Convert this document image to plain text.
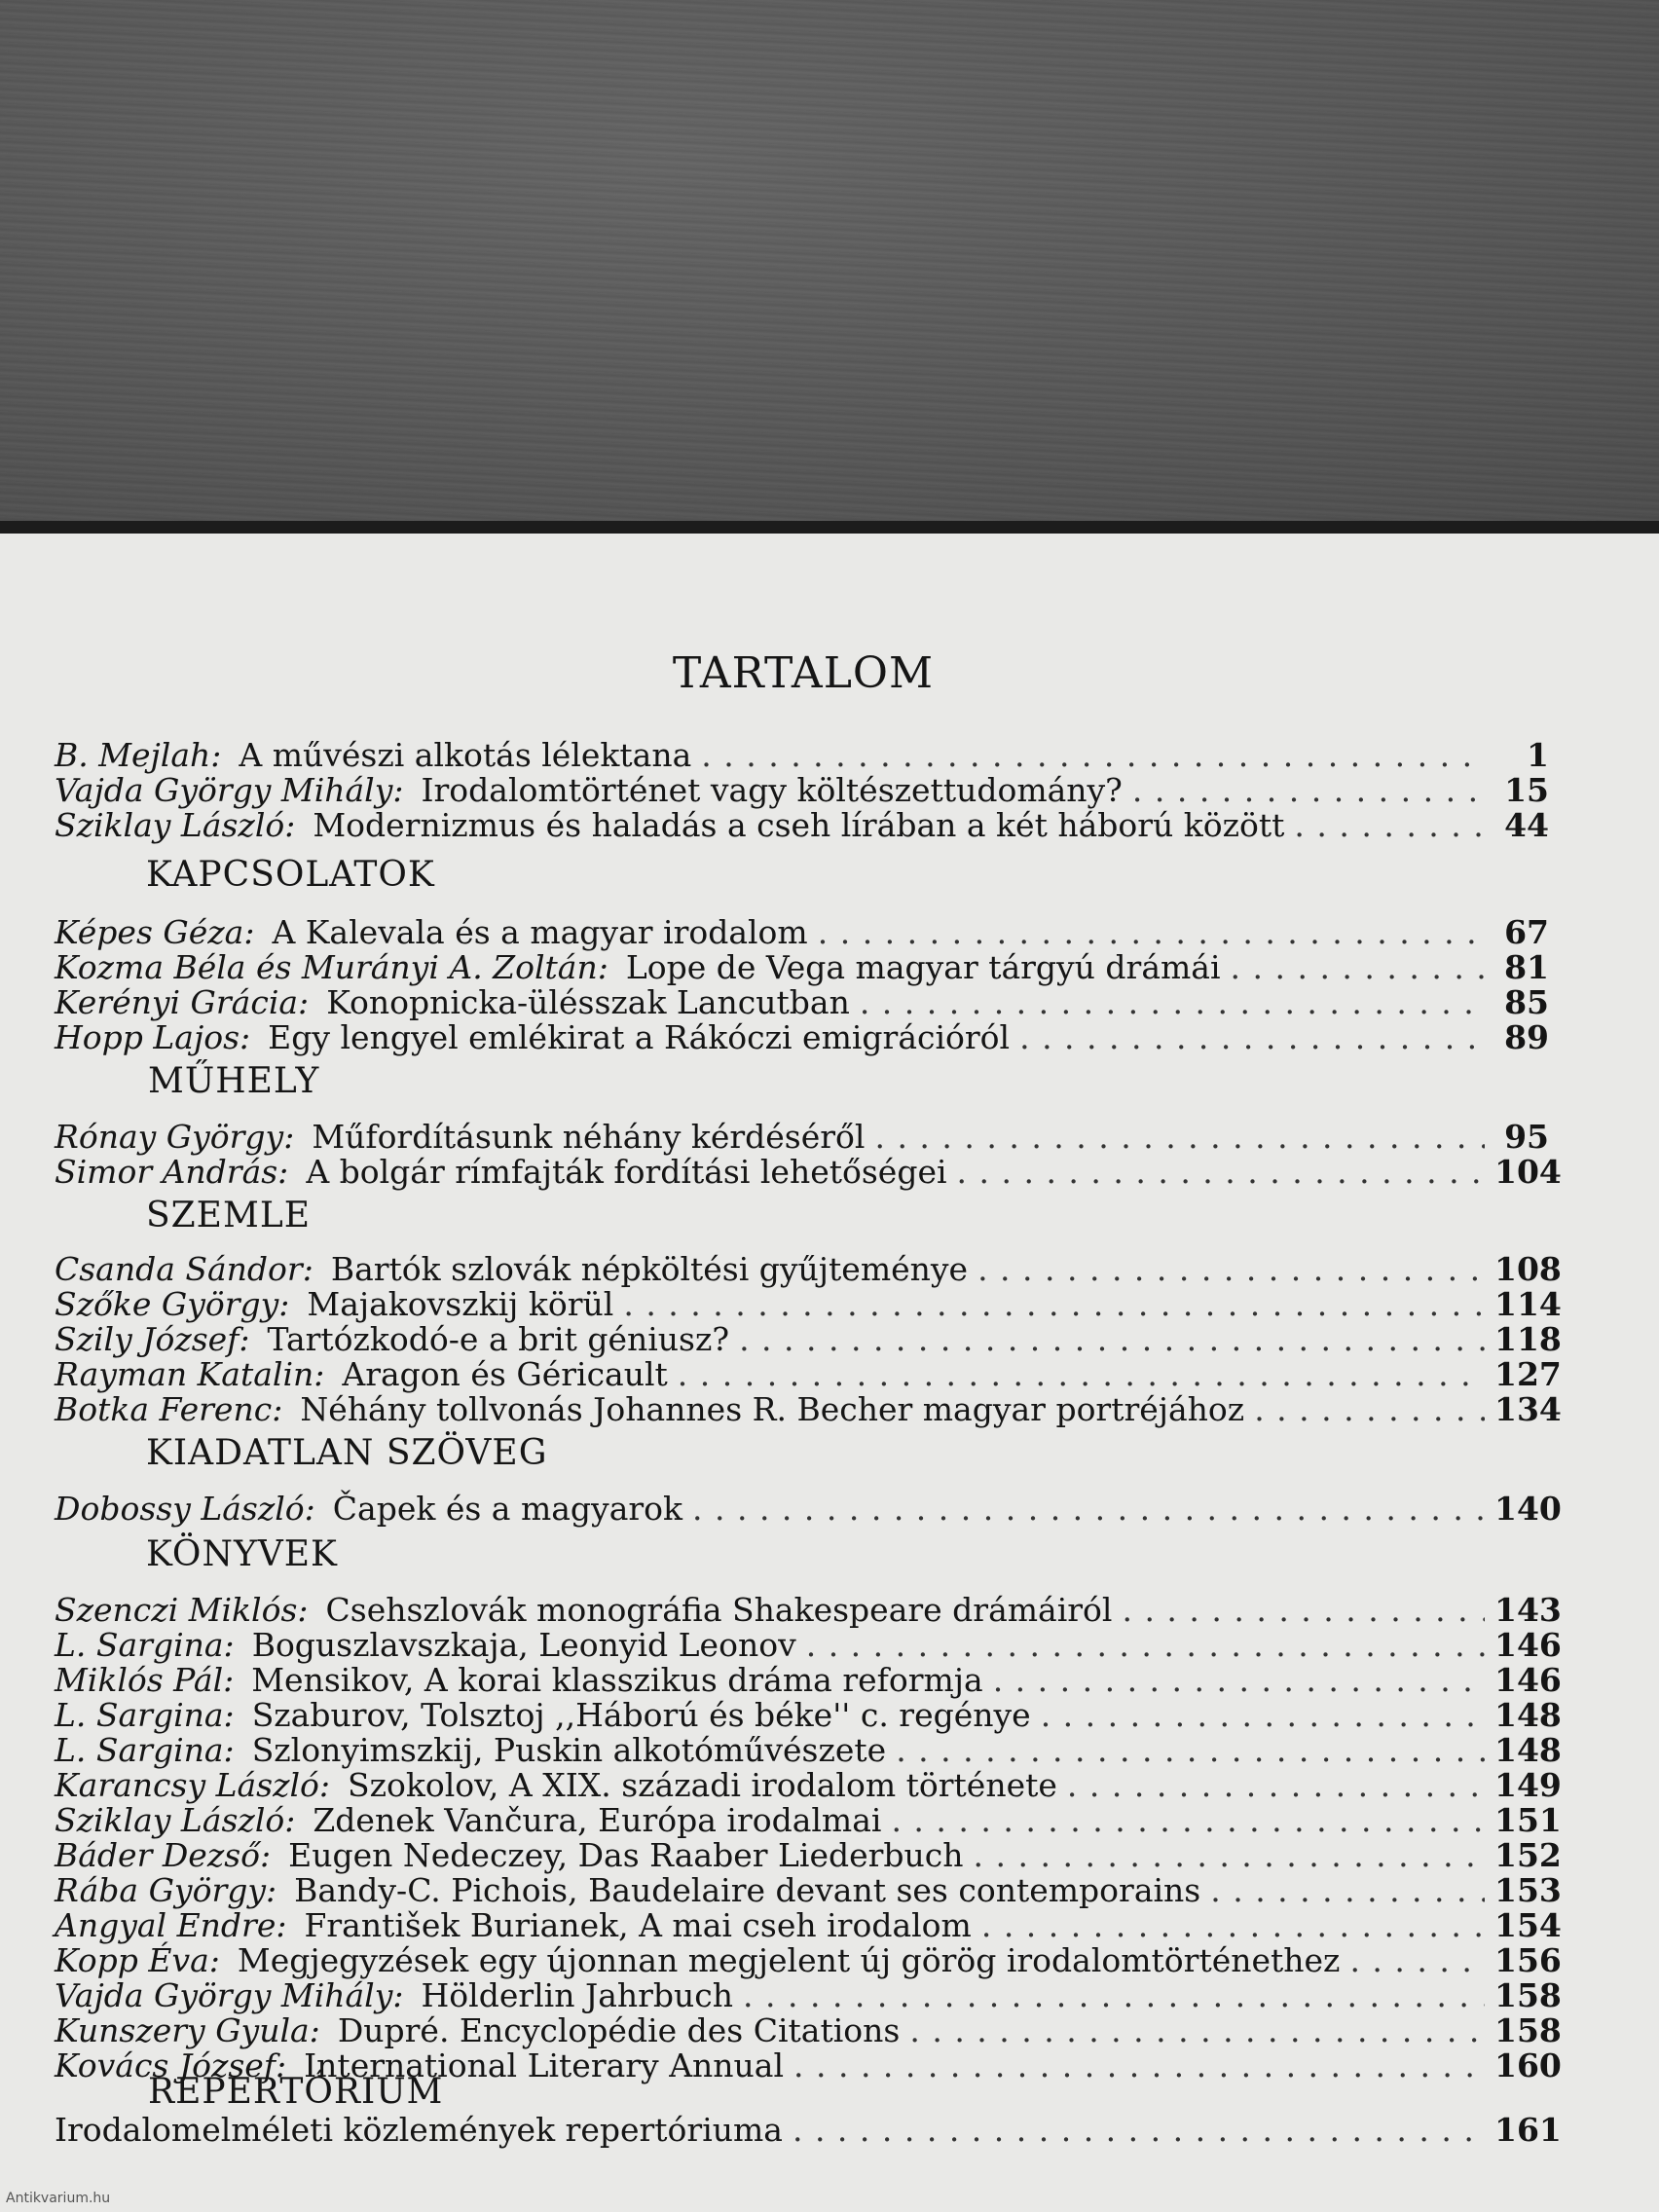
TARTALOM
B. Mejlah: A művészi alkotás lélektana . . .	1
Vajda György Mihály: Irodalomtörténet vagy költészettudomány? . . .	15
Sziklay László: Modernizmus és haladás a cseh lírában a két háború között . . .	44
KAPCSOLATOK
Képes Géza: A Kalevala és a magyar irodalom . . .	67
Kozma Béla és Murányi A. Zoltán: Lope de Vega magyar tárgyú drámái . . .	81
Kerényi Grácia: Konopnicka-ülésszak Lancutban . . .	85
Hopp Lajos: Egy lengyel emlékirat a Rákóczi emigrációról . . .	89
MŰHELY
Rónay György: Műfordításunk néhány kérdéséről . . .	95
Simor András: A bolgár rímfajták fordítási lehetőségei . . .	104
SZEMLE
Csanda Sándor: Bartók szlovák népköltési gyűjteménye . . .	108
Szőke György: Majakovszkij körül . . .	114
Szily József: Tartózkodó-e a brit géniusz? . . .	118
Rayman Katalin: Aragon és Géricault . . .	127
Botka Ferenc: Néhány tollvonás Johannes R. Becher magyar portréjához . . .	134
KIADATLAN SZÖVEG
Dobossy László: Čapek és a magyarok . . .	140
KÖNYVEK
Szenczi Miklós: Csehszlovák monográfia Shakespeare drámáiról . . .	143
L. Sargina: Boguszlavszkaja, Leonyid Leonov . . .	146
Miklós Pál: Mensikov, A korai klasszikus dráma reformja . . .	146
L. Sargina: Szaburov, Tolsztoj ,,Háború és béke'' c. regénye . . .	148
L. Sargina: Szlonyimszkij, Puskin alkotóművészete . . .	148
Karancsy László: Szokolov, A XIX. századi irodalom története . . .	149
Sziklay László: Zdenek Vančura, Európa irodalmai . . .	151
Báder Dezső: Eugen Nedeczey, Das Raaber Liederbuch . . .	152
Rába György: Bandy-C. Pichois, Baudelaire devant ses contemporains . . .	153
Angyal Endre: František Burianek, A mai cseh irodalom . . .	154
Kopp Éva: Megjegyzések egy újonnan megjelent új görög irodalomtörténethez . . .	156
Vajda György Mihály: Hölderlin Jahrbuch . . .	158
Kunszery Gyula: Dupré. Encyclopédie des Citations . . .	158
Kovács József: International Literary Annual . . .	160
REPERTÓRIUM
Irodalomelméleti közlemények repertóriuma . . .	161
Antikvarium.hu
